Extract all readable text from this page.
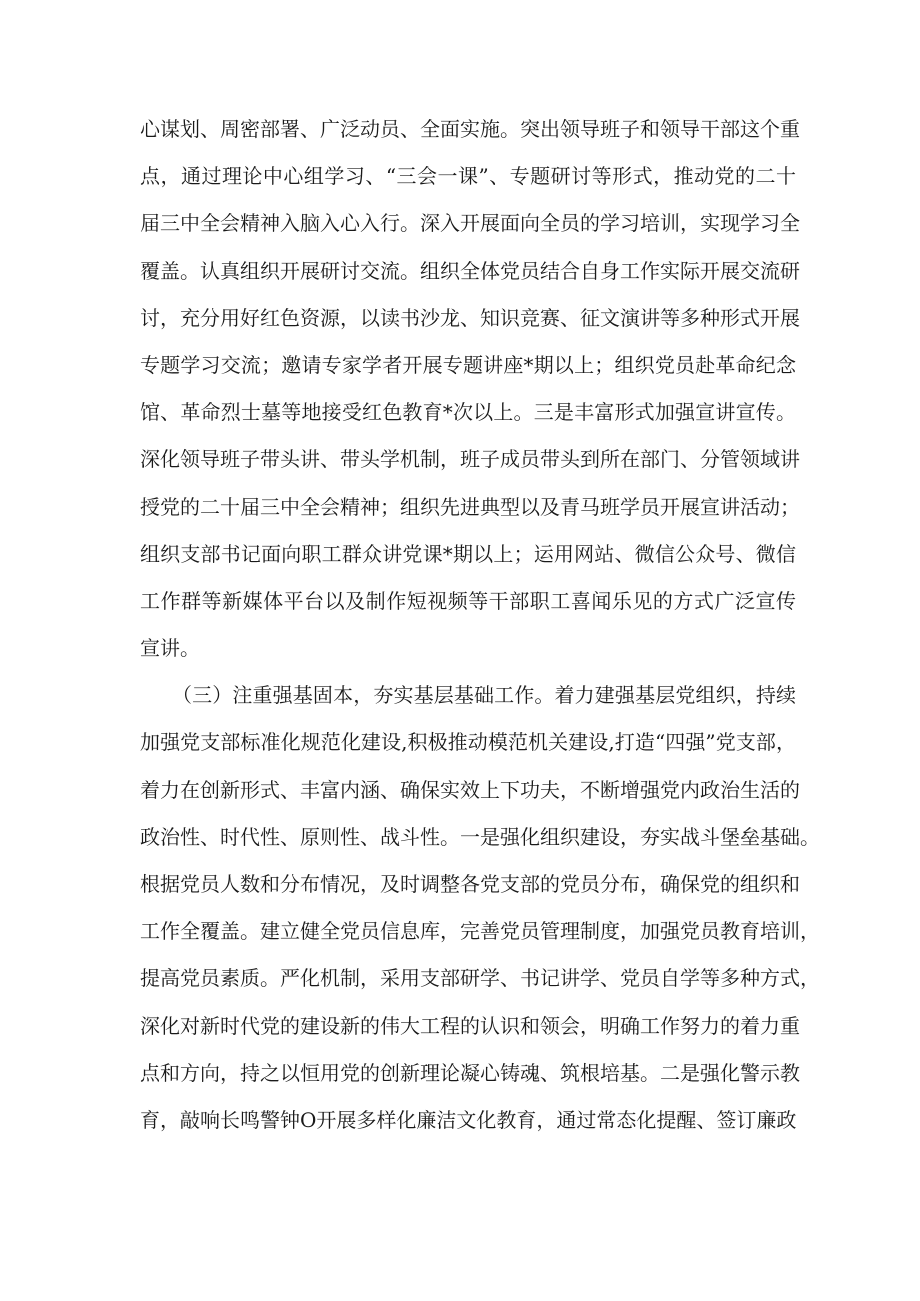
心谋划、周密部署、广泛动员、全面实施。突出领导班子和领导干部这个重
点，通过理论中心组学习、“三会一课”、专题研讨等形式，推动党的二十
届三中全会精神入脑入心入行。深入开展面向全员的学习培训，实现学习全
覆盖。认真组织开展研讨交流。组织全体党员结合自身工作实际开展交流研
讨，充分用好红色资源，以读书沙龙、知识竞赛、征文演讲等多种形式开展
专题学习交流；邀请专家学者开展专题讲座*期以上；组织党员赴革命纪念
馆、革命烈士墓等地接受红色教育*次以上。三是丰富形式加强宣讲宣传。
深化领导班子带头讲、带头学机制，班子成员带头到所在部门、分管领域讲
授党的二十届三中全会精神；组织先进典型以及青马班学员开展宣讲活动；
组织支部书记面向职工群众讲党课*期以上；运用网站、微信公众号、微信
工作群等新媒体平台以及制作短视频等干部职工喜闻乐见的方式广泛宣传
宣讲。
（三）注重强基固本，夯实基层基础工作。着力建强基层党组织，持续
加强党支部标准化规范化建设,积极推动模范机关建设,打造“四强”党支部，
着力在创新形式、丰富内涵、确保实效上下功夫，不断增强党内政治生活的
政治性、时代性、原则性、战斗性。一是强化组织建设，夯实战斗堡垒基础。
根据党员人数和分布情况，及时调整各党支部的党员分布，确保党的组织和
工作全覆盖。建立健全党员信息库，完善党员管理制度，加强党员教育培训，
提高党员素质。严化机制，采用支部研学、书记讲学、党员自学等多种方式，
深化对新时代党的建设新的伟大工程的认识和领会，明确工作努力的着力重
点和方向，持之以恒用党的创新理论凝心铸魂、筑根培基。二是强化警示教
育，敲响长鸣警钟O开展多样化廉洁文化教育，通过常态化提醒、签订廉政
